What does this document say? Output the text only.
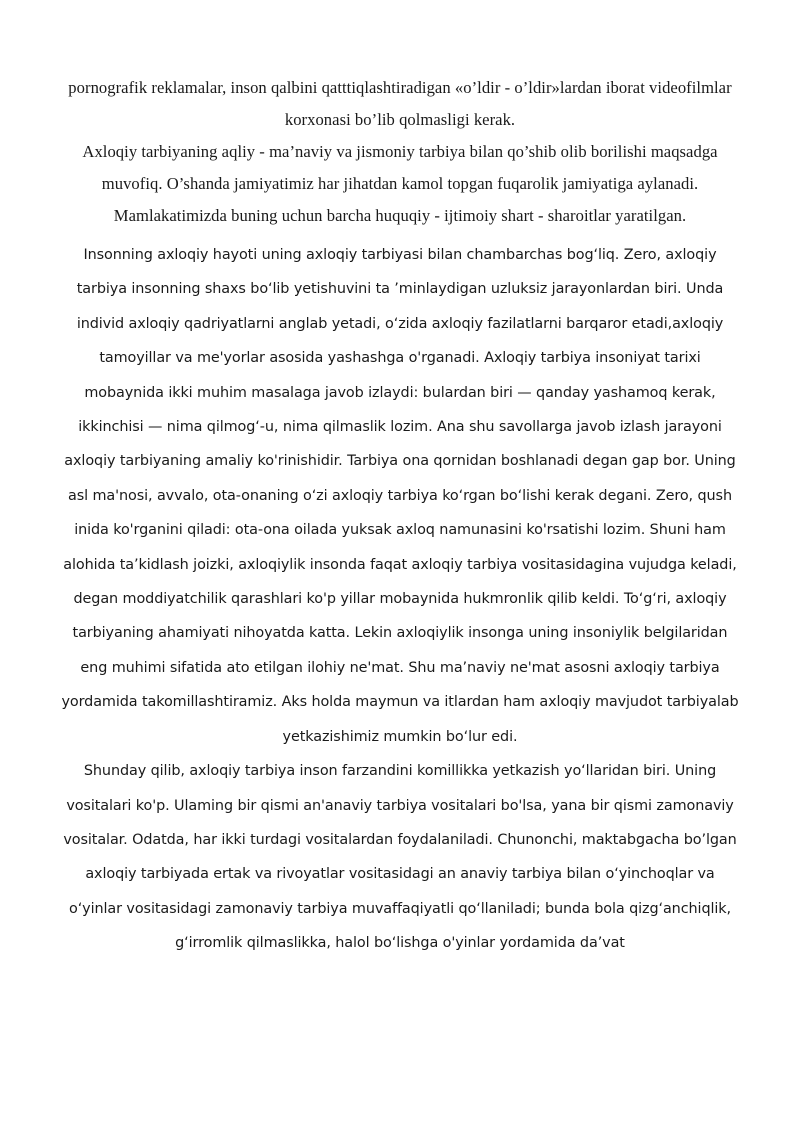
pornografik reklamalar, inson qalbini qatttiqlashtiradigan «o’ldir - o’ldir»lardan iborat videofilmlar korxonasi bo’lib qolmasligi kerak.

Axloqiy tarbiyaning aqliy - ma’naviy va jismoniy tarbiya bilan qo’shib olib borilishi maqsadga muvofiq. O’shanda jamiyatimiz har jihatdan kamol topgan fuqarolik jamiyatiga aylanadi. Mamlakatimizda buning uchun barcha huquqiy - ijtimoiy shart - sharoitlar yaratilgan.

Insonning axloqiy hayoti uning axloqiy tarbiyasi bilan chambarchas bog‘liq. Zero, axloqiy tarbiya insonning shaxs bo‘lib yetishuvini ta ’minlaydigan uzluksiz jarayonlardan biri. Unda individ axloqiy qadriyatlarni anglab yetadi, o‘zida axloqiy fazilatlarni barqaror etadi,axloqiy tamoyillar va me'yorlar asosida yashashga o'rganadi. Axloqiy tarbiya insoniyat tarixi mobaynida ikki muhim masalaga javob izlaydi: bulardan biri — qanday yashamoq kerak, ikkinchisi — nima qilmog‘-u, nima qilmaslik lozim. Ana shu savollarga javob izlash jarayoni axloqiy tarbiyaning amaliy ko'rinishidir. Tarbiya ona qornidan boshlanadi degan gap bor. Uning asl ma'nosi, avvalo, ota-onaning o‘zi axloqiy tarbiya ko‘rgan bo‘lishi kerak degani. Zero, qush inida ko'rganini qiladi: ota-ona oilada yuksak axloq namunasini ko'rsatishi lozim. Shuni ham alohida ta’kidlash joizki, axloqiylik insonda faqat axloqiy tarbiya vositasidagina vujudga keladi, degan moddiyatchilik qarashlari ko'p yillar mobaynida hukmronlik qilib keldi. To‘g‘ri, axloqiy tarbiyaning ahamiyati nihoyatda katta. Lekin axloqiylik insonga uning insoniylik belgilaridan eng muhimi sifatida ato etilgan ilohiy ne'mat. Shu ma’naviy ne'mat asosni axloqiy tarbiya yordamida takomillashtiramiz. Aks holda maymun va itlardan ham axloqiy mavjudot tarbiyalab yetkazishimiz mumkin bo‘lur edi.

Shunday qilib, axloqiy tarbiya inson farzandini komillikka yetkazish yo‘llaridan biri. Uning vositalari ko'p. Ulaming bir qismi an'anaviy tarbiya vositalari bo'lsa, yana bir qismi zamonaviy vositalar. Odatda, har ikki turdagi vositalardan foydalaniladi. Chunonchi, maktabgacha bo’lgan axloqiy tarbiyada ertak va rivoyatlar vositasidagi an anaviy tarbiya bilan o‘yinchoqlar va o‘yinlar vositasidagi zamonaviy tarbiya muvaffaqiyatli qo‘llaniladi; bunda bola qizg‘anchiqlik, g‘irromlik qilmaslikka, halol bo‘lishga o'yinlar yordamida da’vat
